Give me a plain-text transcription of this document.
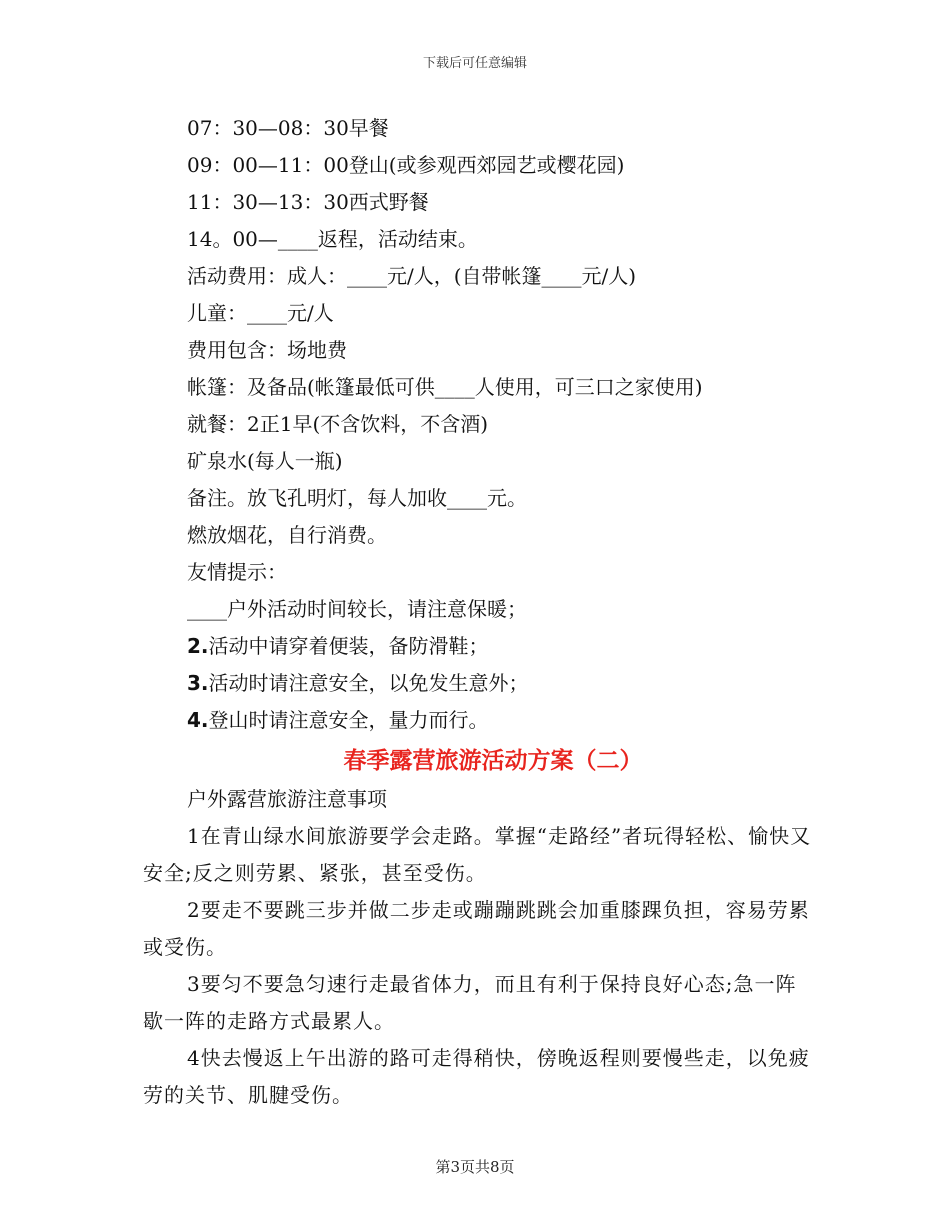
下载后可任意编辑
07：30—08：30早餐
09：00—11：00登山(或参观西郊园艺或樱花园)
11：30—13：30西式野餐
14。00—____返程，活动结束。
活动费用：成人：____元/人，(自带帐篷____元/人)
儿童：____元/人
费用包含：场地费
帐篷：及备品(帐篷最低可供____人使用，可三口之家使用)
就餐：2正1早(不含饮料，不含酒)
矿泉水(每人一瓶)
备注。放飞孔明灯，每人加收____元。
燃放烟花，自行消费。
友情提示：
____户外活动时间较长，请注意保暖；
2.活动中请穿着便装，备防滑鞋；
3.活动时请注意安全，以免发生意外；
4.登山时请注意安全，量力而行。
春季露营旅游活动方案（二）
户外露营旅游注意事项

1在青山绿水间旅游要学会走路。掌握“走路经”者玩得轻松、愉快又安全;反之则劳累、紧张，甚至受伤。

2要走不要跳三步并做二步走或蹦蹦跳跳会加重膝踝负担，容易劳累或受伤。

3要匀不要急匀速行走最省体力，而且有利于保持良好心态;急一阵歇一阵的走路方式最累人。

4快去慢返上午出游的路可走得稍快，傍晚返程则要慢些走，以免疲劳的关节、肌腱受伤。

第3页共8页
